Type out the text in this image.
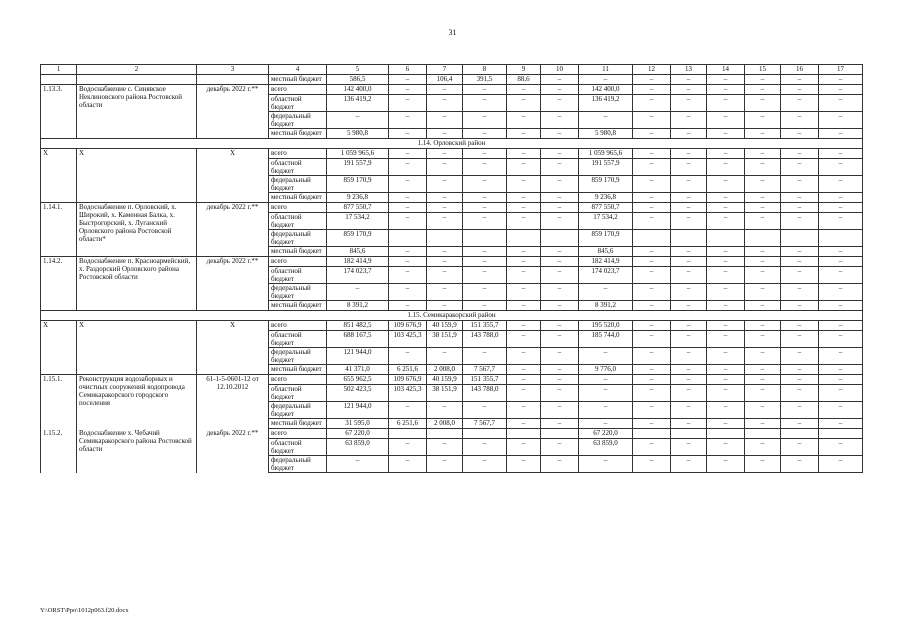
31
1	2	3	4	5	6	7	8	9	10	11	12	13	14	15	16	17
			местный бюджет	586,5	–	106,4	391,5	88,6	–	–	–	–	–	–	–	–
1.13.3.	Водоснабжение с. Синявское Неклиновского района Ростовской области	декабрь 2022 г.**	всего	142 400,0	–	–	–	–	–	142 400,0	–	–	–	–	–	–
			областной бюджет	136 419,2	–	–	–	–	–	136 419,2	–	–	–	–	–	–
			федеральный бюджет	–	–	–	–	–	–	–	–	–	–	–	–	–
			местный бюджет	5 980,8	–	–	–	–	–	5 980,8	–	–	–	–	–	–
1.14. Орловский район																
X	X	X	всего	1 059 965,6	–	–	–	–	–	1 059 965,6	–	–	–	–	–	–
			областной бюджет	191 557,9	–	–	–	–	–	191 557,9	–	–	–	–	–	–
			федеральный бюджет	859 170,9	–	–	–	–	–	859 170,9	–	–	–	–	–	–
			местный бюджет	9 236,8	–	–	–	–	–	9 236,8	–	–	–	–	–	–
1.14.1.	Водоснабжение п. Орловский, х. Широкий, х. Каменная Балка, х. Быстрогорский, х. Луганский Орловского района Ростовской области*	декабрь 2022 г.**	всего	877 550,7	–	–	–	–	–	877 550,7	–	–	–	–	–	–
			областной бюджет	17 534,2	–	–	–	–	–	17 534,2	–	–	–	–	–	–
			федеральный бюджет	859 170,9						859 170,9						
			местный бюджет	845,6	–	–	–	–	–	845,6	–	–	–	–	–	–
1.14.2.	Водоснабжение п. Красноармейский, х. Раздорский Орловского района Ростовской области	декабрь 2022 г.**	всего	182 414,9	–	–	–	–	–	182 414,9	–	–	–	–	–	–
			областной бюджет	174 023,7	–	–	–	–	–	174 023,7	–	–	–	–	–	–
			федеральный бюджет	–	–	–	–	–	–	–	–	–	–	–	–	–
			местный бюджет	8 391,2	–	–	–	–	–	8 391,2	–	–	–	–	–	–
1.15. Семикаракорский район																
X	X	X	всего	851 482,5	109 676,9	40 159,9	151 355,7	–	–	195 520,0	–	–	–	–	–	–
			областной бюджет	688 167,5	103 425,3	38 151,9	143 788,0	–	–	185 744,0	–	–	–	–	–	–
			федеральный бюджет	121 944,0	–	–	–	–	–	–	–	–	–	–	–	–
			местный бюджет	41 371,0	6 251,6	2 008,0	7 567,7	–	–	9 776,0	–	–	–	–	–	–
1.15.1.	Реконструкция водозаборных и очистных сооружений водопровода Семикаракорского городского поселения	61-1-5-0601-12 от 12.10.2012	всего	655 962,5	109 676,9	40 159,9	151 355,7	–	–	–	–	–	–	–	–	–
			областной бюджет	502 423,5	103 425,3	38 151,9	143 788,0	–	–	–	–	–	–	–	–	–
			федеральный бюджет	121 944,0	–	–	–	–	–	–	–	–	–	–	–	–
			местный бюджет	31 595,0	6 251,6	2 008,0	7 567,7	–	–	–	–	–	–	–	–	–
1.15.2.	Водоснабжение х. Чебачий Семикаракорского района Ростовской области	декабрь 2022 г.**	всего	67 220,0						67 220,0						
			областной бюджет	63 859,0	–	–	–	–	–	63 859,0	–	–	–	–	–	–
			федеральный бюджет	–	–	–	–	–	–	–	–	–	–	–	–	–
Y:\ORST\Ppo\1012p063.f20.docx
